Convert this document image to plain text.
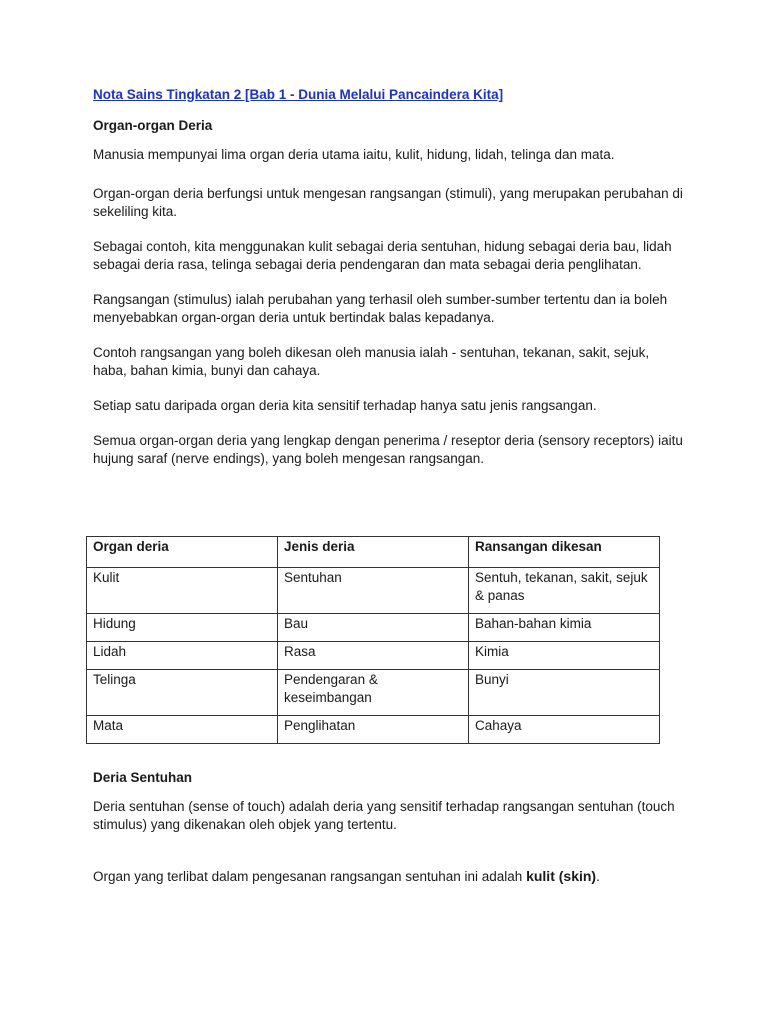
Nota Sains Tingkatan 2 [Bab 1 - Dunia Melalui Pancaindera Kita]

Organ-organ Deria

Manusia mempunyai lima organ deria utama iaitu, kulit, hidung, lidah, telinga dan mata.

Organ-organ deria berfungsi untuk mengesan rangsangan (stimuli), yang merupakan perubahan di sekeliling kita.

Sebagai contoh, kita menggunakan kulit sebagai deria sentuhan, hidung sebagai deria bau, lidah sebagai deria rasa, telinga sebagai deria pendengaran dan mata sebagai deria penglihatan.

Rangsangan (stimulus) ialah perubahan yang terhasil oleh sumber-sumber tertentu dan ia boleh menyebabkan organ-organ deria untuk bertindak balas kepadanya.

Contoh rangsangan yang boleh dikesan oleh manusia ialah - sentuhan, tekanan, sakit, sejuk, haba, bahan kimia, bunyi dan cahaya.

Setiap satu daripada organ deria kita sensitif terhadap hanya satu jenis rangsangan.

Semua organ-organ deria yang lengkap dengan penerima / reseptor deria (sensory receptors) iaitu hujung saraf (nerve endings), yang boleh mengesan rangsangan.

Organ deria	Jenis deria	Ransangan dikesan
Kulit	Sentuhan	Sentuh, tekanan, sakit, sejuk & panas
Hidung	Bau	Bahan-bahan kimia
Lidah	Rasa	Kimia
Telinga	Pendengaran & keseimbangan	Bunyi
Mata	Penglihatan	Cahaya

Deria Sentuhan

Deria sentuhan (sense of touch) adalah deria yang sensitif terhadap rangsangan sentuhan (touch stimulus) yang dikenakan oleh objek yang tertentu.

Organ yang terlibat dalam pengesanan rangsangan sentuhan ini adalah kulit (skin).
